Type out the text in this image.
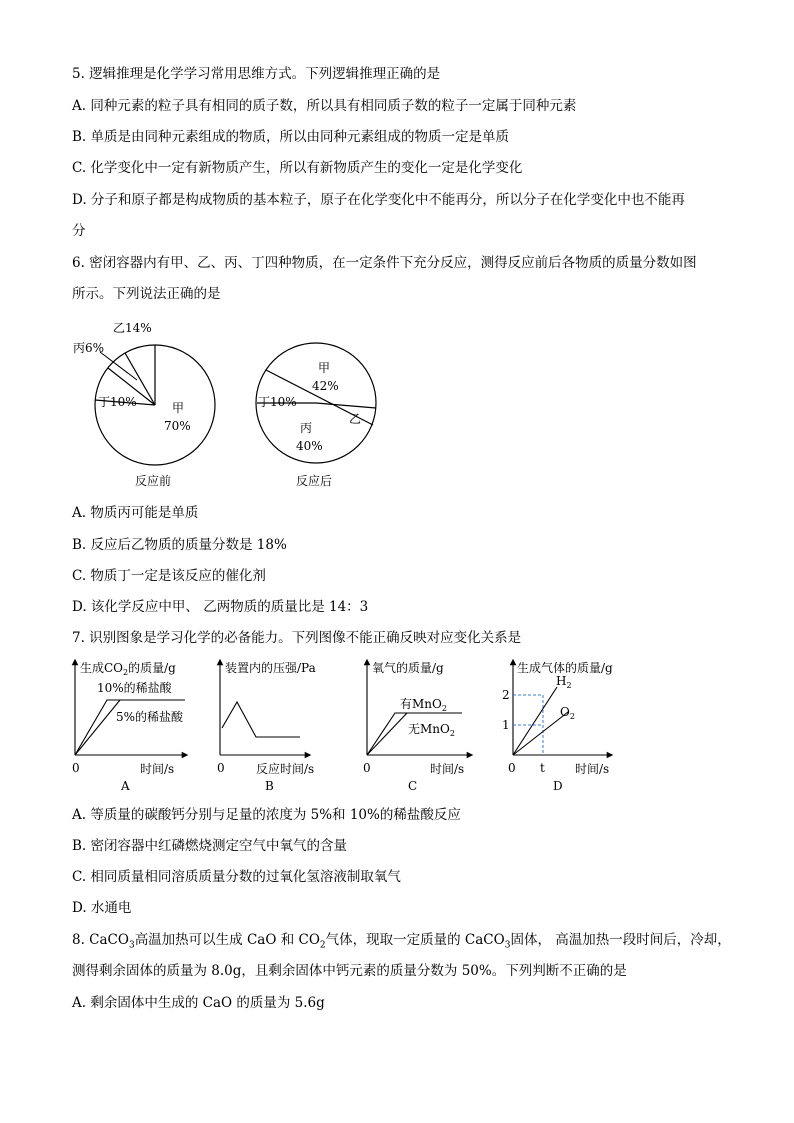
5. 逻辑推理是化学学习常用思维方式。下列逻辑推理正确的是
A. 同种元素的粒子具有相同的质子数，所以具有相同质子数的粒子一定属于同种元素
B. 单质是由同种元素组成的物质，所以由同种元素组成的物质一定是单质
C. 化学变化中一定有新物质产生，所以有新物质产生的变化一定是化学变化
D. 分子和原子都是构成物质的基本粒子，原子在化学变化中不能再分，所以分子在化学变化中也不能再
分
6. 密闭容器内有甲、乙、丙、丁四种物质，在一定条件下充分反应，测得反应前后各物质的质量分数如图
所示。下列说法正确的是
乙14%
丙6%
丁10%	甲
70%
反应前
甲
42%
丁10%
乙
丙
40%
反应后
A. 物质丙可能是单质
B. 反应后乙物质的质量分数是 18%
C. 物质丁一定是该反应的催化剂
D. 该化学反应中甲、 乙两物质的质量比是 14：3
7. 识别图象是学习化学的必备能力。下列图像不能正确反映对应变化关系是
生成$CO_2$的质量/g
10%的稀盐酸
5%的稀盐酸
0	时间/s
A
装置内的压强/Pa
0	反应时间/s
B
氧气的质量/g
有MnO$_2$
无MnO$_2$
0	时间/s
C
生成气体的质量/g
$H_2$
$O_2$
2
1
0 t	时间/s
D
A. 等质量的碳酸钙分别与足量的浓度为 5%和 10%的稀盐酸反应
B. 密闭容器中红磷燃烧测定空气中氧气的含量
C. 相同质量相同溶质质量分数的过氧化氢溶液制取氧气
D. 水通电
8. CaCO$_3$高温加热可以生成 CaO 和 $CO_2$气体，现取一定质量的 CaCO$_3$固体， 高温加热一段时间后，冷却，
测得剩余固体的质量为 8.0g，且剩余固体中钙元素的质量分数为 50%。下列判断不正确的是
A. 剩余固体中生成的 CaO 的质量为 5.6g
